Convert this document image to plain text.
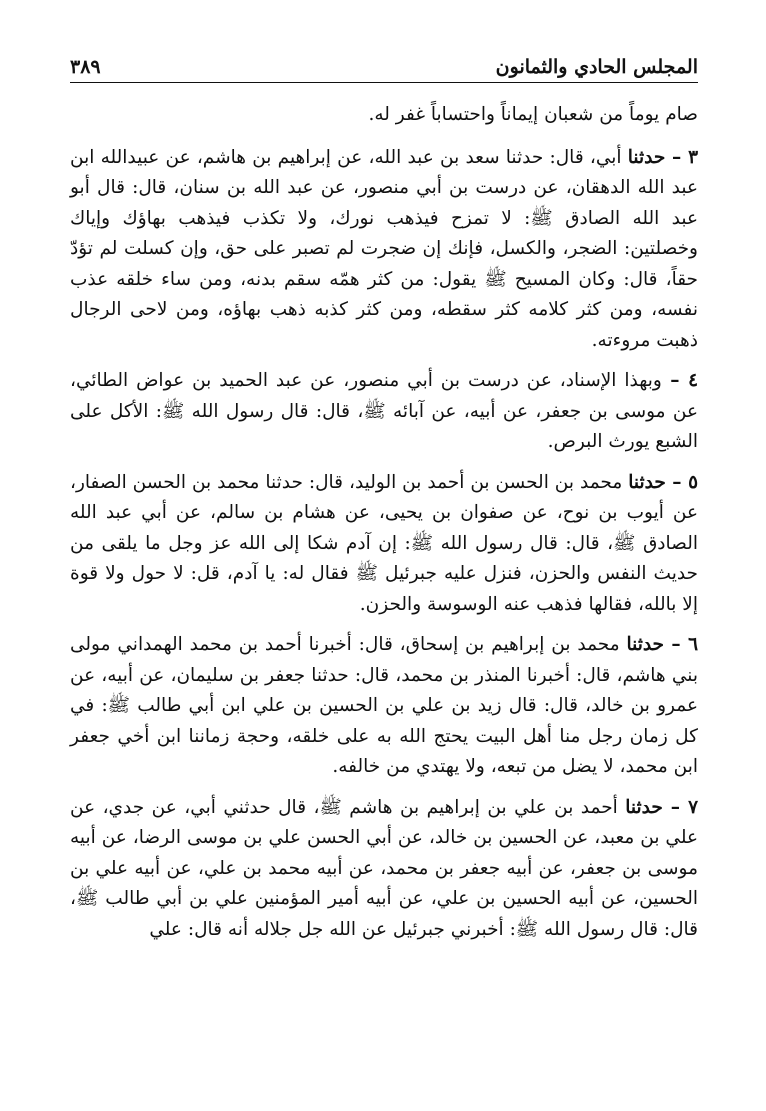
المجلس الحادي والثمانون
٣٨٩

صام يوماً من شعبان إيماناً واحتساباً غفر له.

٣ – حدثنا أبي، قال: حدثنا سعد بن عبد الله، عن إبراهيم بن هاشم، عن عبيدالله ابن عبد الله الدهقان، عن درست بن أبي منصور، عن عبد الله بن سنان، قال: قال أبو عبد الله الصادق ﷺ: لا تمزح فيذهب نورك، ولا تكذب فيذهب بهاؤك وإياك وخصلتين: الضجر، والكسل، فإنك إن ضجرت لم تصبر على حق، وإن كسلت لم تؤدّ حقاً، قال: وكان المسيح ﷺ يقول: من كثر همّه سقم بدنه، ومن ساء خلقه عذب نفسه، ومن كثر كلامه كثر سقطه، ومن كثر كذبه ذهب بهاؤه، ومن لاحى الرجال ذهبت مروءته.

٤ – وبهذا الإسناد، عن درست بن أبي منصور، عن عبد الحميد بن عواض الطائي، عن موسى بن جعفر، عن أبيه، عن آبائه ﷺ، قال: قال رسول الله ﷺ: الأكل على الشبع يورث البرص.

٥ – حدثنا محمد بن الحسن بن أحمد بن الوليد، قال: حدثنا محمد بن الحسن الصفار، عن أيوب بن نوح، عن صفوان بن يحيى، عن هشام بن سالم، عن أبي عبد الله الصادق ﷺ، قال: قال رسول الله ﷺ: إن آدم شكا إلى الله عز وجل ما يلقى من حديث النفس والحزن، فنزل عليه جبرئيل ﷺ فقال له: يا آدم، قل: لا حول ولا قوة إلا بالله، فقالها فذهب عنه الوسوسة والحزن.

٦ – حدثنا محمد بن إبراهيم بن إسحاق، قال: أخبرنا أحمد بن محمد الهمداني مولى بني هاشم، قال: أخبرنا المنذر بن محمد، قال: حدثنا جعفر بن سليمان، عن أبيه، عن عمرو بن خالد، قال: قال زيد بن علي بن الحسين بن علي ابن أبي طالب ﷺ: في كل زمان رجل منا أهل البيت يحتج الله به على خلقه، وحجة زماننا ابن أخي جعفر ابن محمد، لا يضل من تبعه، ولا يهتدي من خالفه.

٧ – حدثنا أحمد بن علي بن إبراهيم بن هاشم ﷺ، قال حدثني أبي، عن جدي، عن علي بن معبد، عن الحسين بن خالد، عن أبي الحسن علي بن موسى الرضا، عن أبيه موسى بن جعفر، عن أبيه جعفر بن محمد، عن أبيه محمد بن علي، عن أبيه علي بن الحسين، عن أبيه الحسين بن علي، عن أبيه أمير المؤمنين علي بن أبي طالب ﷺ، قال: قال رسول الله ﷺ: أخبرني جبرئيل عن الله جل جلاله أنه قال: علي
